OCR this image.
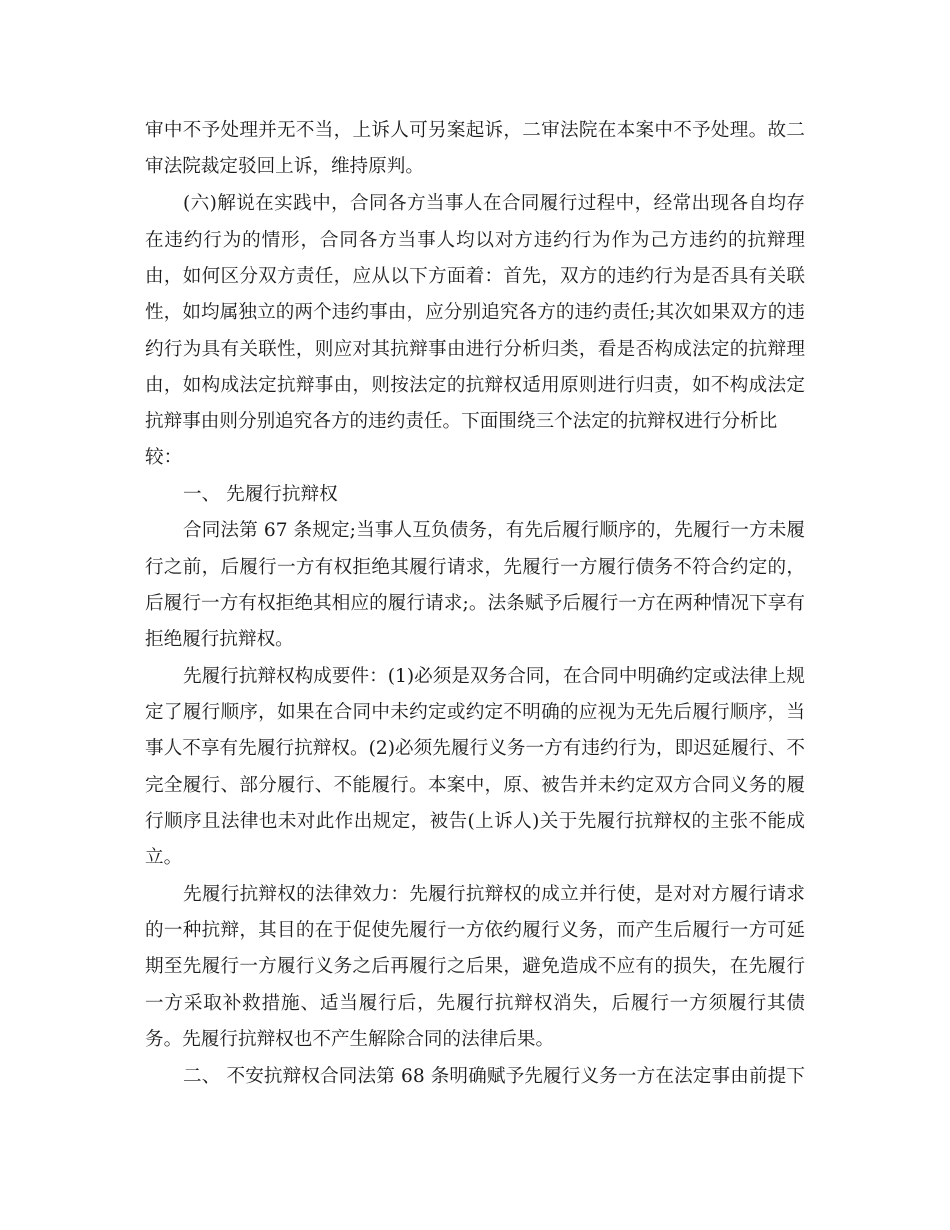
审中不予处理并无不当，上诉人可另案起诉，二审法院在本案中不予处理。故二

审法院裁定驳回上诉，维持原判。

(六)解说在实践中，合同各方当事人在合同履行过程中，经常出现各自均存

在违约行为的情形，合同各方当事人均以对方违约行为作为己方违约的抗辩理

由，如何区分双方责任，应从以下方面着：首先，双方的违约行为是否具有关联

性，如均属独立的两个违约事由，应分别追究各方的违约责任;其次如果双方的违

约行为具有关联性，则应对其抗辩事由进行分析归类，看是否构成法定的抗辩理

由，如构成法定抗辩事由，则按法定的抗辩权适用原则进行归责，如不构成法定

抗辩事由则分别追究各方的违约责任。下面围绕三个法定的抗辩权进行分析比

较：

一、 先履行抗辩权

合同法第 67 条规定;当事人互负债务，有先后履行顺序的，先履行一方未履

行之前，后履行一方有权拒绝其履行请求，先履行一方履行债务不符合约定的，

后履行一方有权拒绝其相应的履行请求;。法条赋予后履行一方在两种情况下享有

拒绝履行抗辩权。

先履行抗辩权构成要件：(1)必须是双务合同，在合同中明确约定或法律上规

定了履行顺序，如果在合同中未约定或约定不明确的应视为无先后履行顺序，当

事人不享有先履行抗辩权。(2)必须先履行义务一方有违约行为，即迟延履行、不

完全履行、部分履行、不能履行。本案中，原、被告并未约定双方合同义务的履

行顺序且法律也未对此作出规定，被告(上诉人)关于先履行抗辩权的主张不能成

立。

先履行抗辩权的法律效力：先履行抗辩权的成立并行使，是对对方履行请求

的一种抗辩，其目的在于促使先履行一方依约履行义务，而产生后履行一方可延

期至先履行一方履行义务之后再履行之后果，避免造成不应有的损失，在先履行

一方采取补救措施、适当履行后，先履行抗辩权消失，后履行一方须履行其债

务。先履行抗辩权也不产生解除合同的法律后果。

二、 不安抗辩权合同法第 68 条明确赋予先履行义务一方在法定事由前提下
